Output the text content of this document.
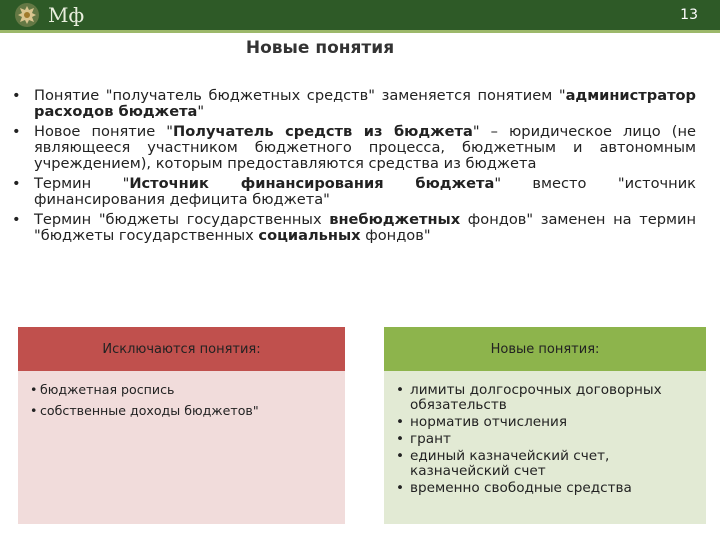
Мф	13
Новые понятия
• Понятие "получатель бюджетных средств" заменяется понятием "администратор расходов бюджета"
• Новое понятие "Получатель средств из бюджета" – юридическое лицо (не являющееся участником бюджетного процесса, бюджетным и автономным учреждением), которым предоставляются средства из бюджета
• Термин "Источник финансирования бюджета" вместо "источник финансирования дефицита бюджета"
• Термин "бюджеты государственных внебюджетных фондов" заменен на термин "бюджеты государственных социальных фондов"
Исключаются понятия:
• бюджетная роспись
• собственные доходы бюджетов"
Новые понятия:
• лимиты долгосрочных договорных обязательств
• норматив отчисления
• грант
• единый казначейский счет, казначейский счет
• временно свободные средства
